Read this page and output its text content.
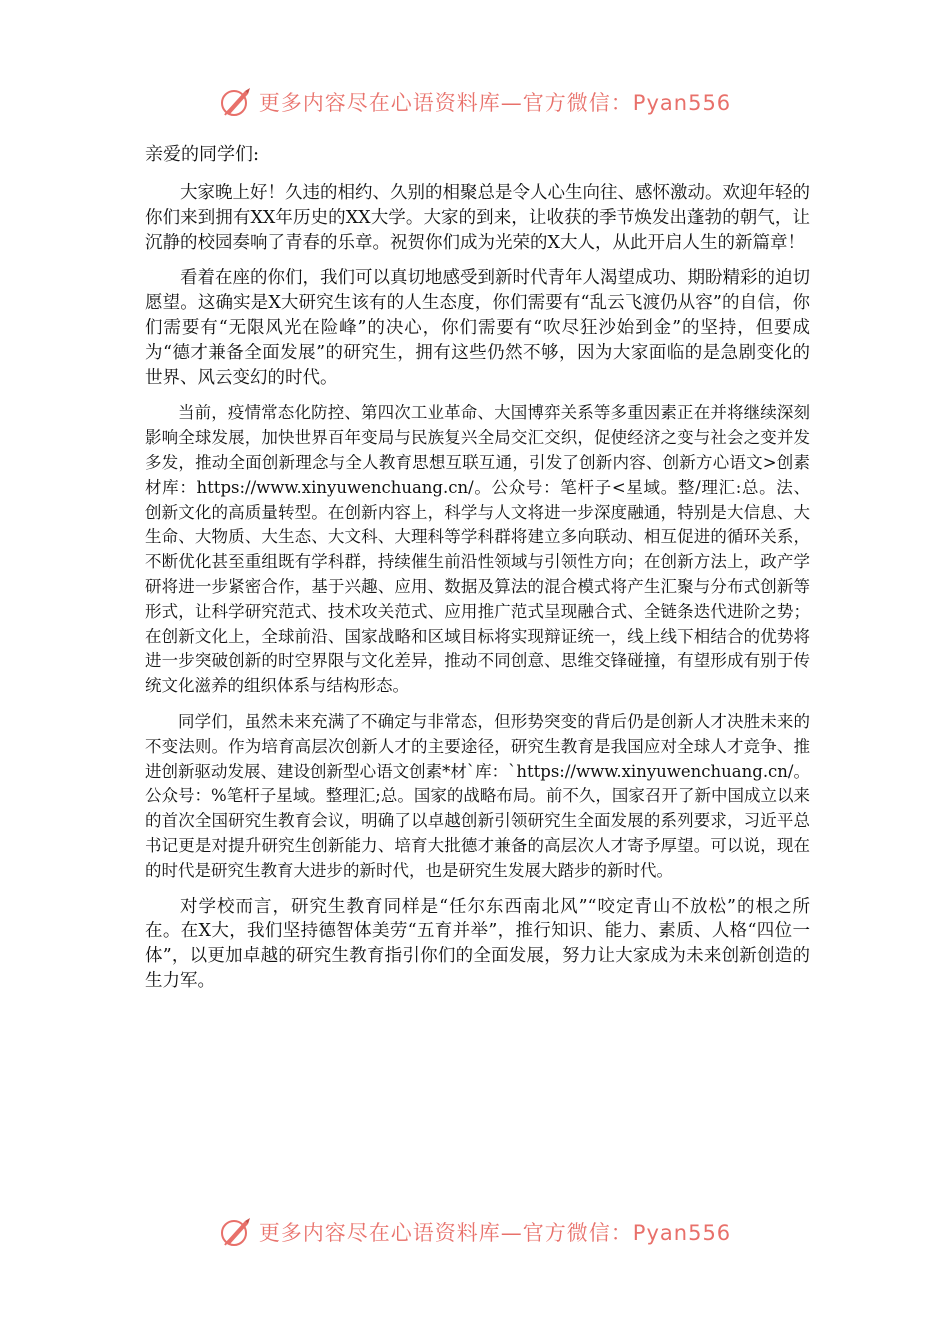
更多内容尽在心语资料库—官方微信：Pyan556

亲爱的同学们:

大家晚上好！久违的相约、久别的相聚总是令人心生向往、感怀激动。欢迎年轻的你们来到拥有XX年历史的XX大学。大家的到来，让收获的季节焕发出蓬勃的朝气，让沉静的校园奏响了青春的乐章。祝贺你们成为光荣的X大人，从此开启人生的新篇章！

看着在座的你们，我们可以真切地感受到新时代青年人渴望成功、期盼精彩的迫切愿望。这确实是X大研究生该有的人生态度，你们需要有“乱云飞渡仍从容”的自信，你们需要有“无限风光在险峰”的决心，你们需要有“吹尽狂沙始到金”的坚持，但要成为“德才兼备全面发展”的研究生，拥有这些仍然不够，因为大家面临的是急剧变化的世界、风云变幻的时代。

当前，疫情常态化防控、第四次工业革命、大国博弈关系等多重因素正在并将继续深刻影响全球发展，加快世界百年变局与民族复兴全局交汇交织，促使经济之变与社会之变并发多发，推动全面创新理念与全人教育思想互联互通，引发了创新内容、创新方心语文>创素材库：https://www.xinyuwenchuang.cn/。公众号：笔杆子<星域。整/理汇:总。法、创新文化的高质量转型。在创新内容上，科学与人文将进一步深度融通，特别是大信息、大生命、大物质、大生态、大文科、大理科等学科群将建立多向联动、相互促进的循环关系，不断优化甚至重组既有学科群，持续催生前沿性领域与引领性方向；在创新方法上，政产学研将进一步紧密合作，基于兴趣、应用、数据及算法的混合模式将产生汇聚与分布式创新等形式，让科学研究范式、技术攻关范式、应用推广范式呈现融合式、全链条迭代进阶之势；在创新文化上，全球前沿、国家战略和区域目标将实现辩证统一，线上线下相结合的优势将进一步突破创新的时空界限与文化差异，推动不同创意、思维交锋碰撞，有望形成有别于传统文化滋养的组织体系与结构形态。

同学们，虽然未来充满了不确定与非常态，但形势突变的背后仍是创新人才决胜未来的不变法则。作为培育高层次创新人才的主要途径，研究生教育是我国应对全球人才竞争、推进创新驱动发展、建设创新型心语文创素*材`库：`https://www.xinyuwenchuang.cn/。公众号：%笔杆子星域。整理汇;总。国家的战略布局。前不久，国家召开了新中国成立以来的首次全国研究生教育会议，明确了以卓越创新引领研究生全面发展的系列要求，习近平总书记更是对提升研究生创新能力、培育大批德才兼备的高层次人才寄予厚望。可以说，现在的时代是研究生教育大进步的新时代，也是研究生发展大踏步的新时代。

对学校而言，研究生教育同样是“任尔东西南北风”“咬定青山不放松”的根之所在。在X大，我们坚持德智体美劳“五育并举”，推行知识、能力、素质、人格“四位一体”，以更加卓越的研究生教育指引你们的全面发展，努力让大家成为未来创新创造的生力军。

更多内容尽在心语资料库—官方微信：Pyan556
